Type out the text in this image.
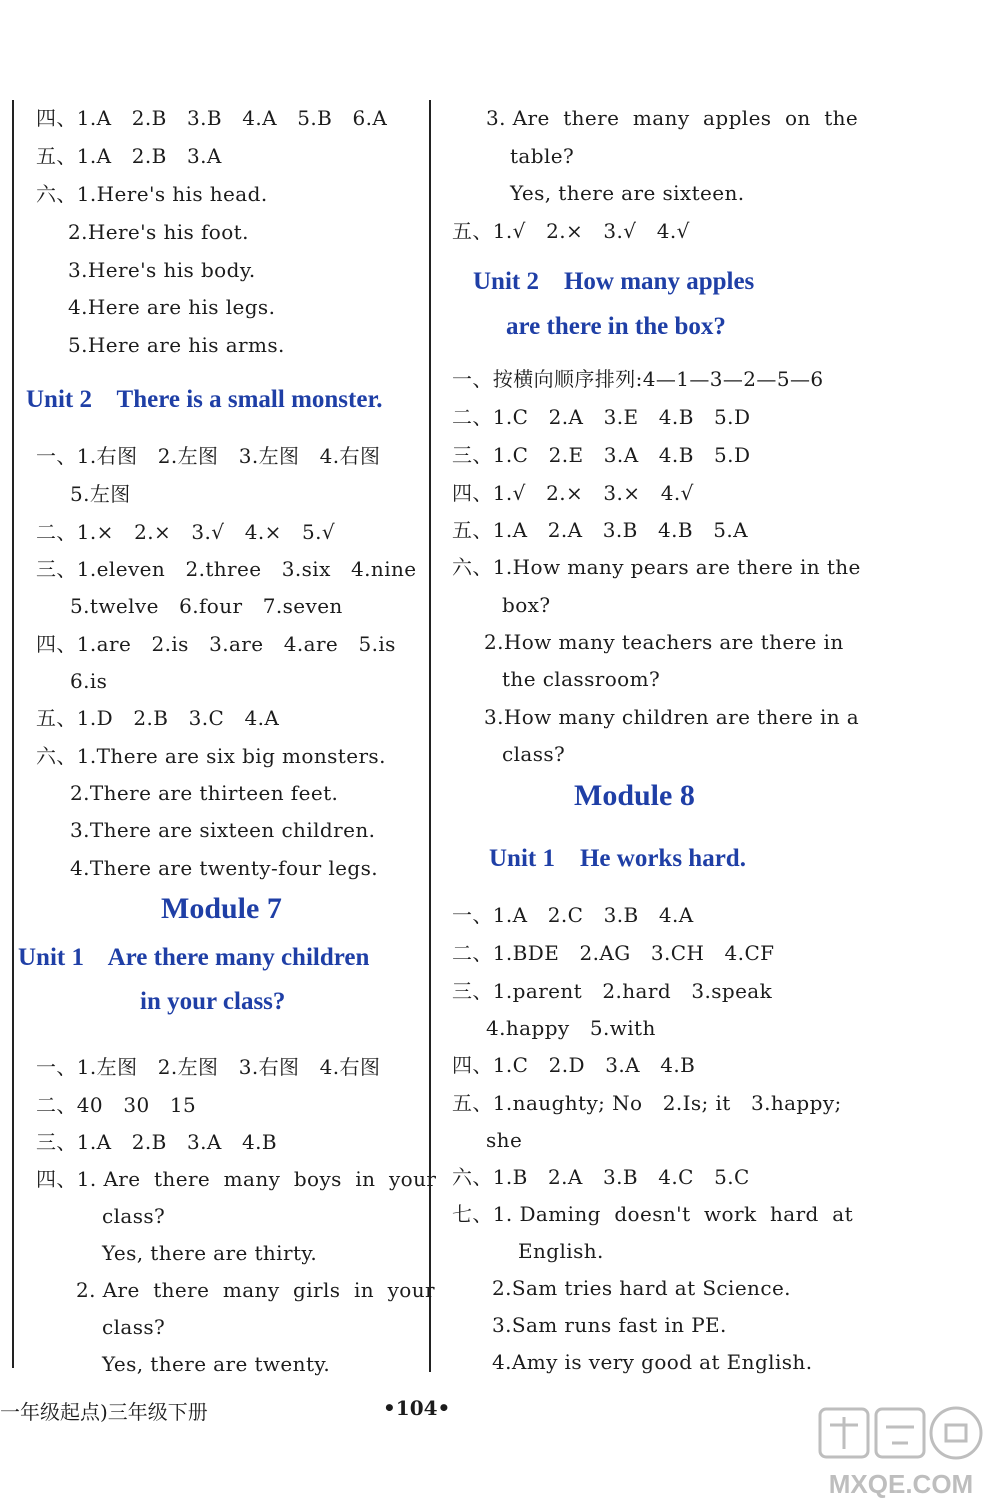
四、1.A   2.B   3.B   4.A   5.B   6.A
五、1.A   2.B   3.A
六、1.Here's his head.
2.Here's his foot.
3.Here's his body.
4.Here are his legs.
5.Here are his arms.
Unit 2    There is a small monster.
一、1.右图   2.左图   3.左图   4.右图
5.左图
二、1.×   2.×   3.√   4.×   5.√
三、1.eleven   2.three   3.six   4.nine
5.twelve   6.four   7.seven
四、1.are   2.is   3.are   4.are   5.is
6.is
五、1.D   2.B   3.C   4.A
六、1.There are six big monsters.
2.There are thirteen feet.
3.There are sixteen children.
4.There are twenty-four legs.
Module 7
Unit 1    Are there many children
in your class?
一、1.左图   2.左图   3.右图   4.右图
二、40   30   15
三、1.A   2.B   3.A   4.B
四、1. Are  there  many  boys  in  your
class?
Yes, there are thirty.
2. Are  there  many  girls  in  your
class?
Yes, there are twenty.
3. Are  there  many  apples  on  the
table?
Yes, there are sixteen.
五、1.√   2.×   3.√   4.√
Unit 2    How many apples
are there in the box?
一、按横向顺序排列:4—1—3—2—5—6
二、1.C   2.A   3.E   4.B   5.D
三、1.C   2.E   3.A   4.B   5.D
四、1.√   2.×   3.×   4.√
五、1.A   2.A   3.B   4.B   5.A
六、1.How many pears are there in the
box?
2.How many teachers are there in
the classroom?
3.How many children are there in a
class?
Module 8
Unit 1    He works hard.
一、1.A   2.C   3.B   4.A
二、1.BDE   2.AG   3.CH   4.CF
三、1.parent   2.hard   3.speak
4.happy   5.with
四、1.C   2.D   3.A   4.B
五、1.naughty; No   2.Is; it   3.happy;
she
六、1.B   2.A   3.B   4.C   5.C
七、1. Daming  doesn't  work  hard  at
English.
2.Sam tries hard at Science.
3.Sam runs fast in PE.
4.Amy is very good at English.
一年级起点)三年级下册	•104•
MXQE.COM
